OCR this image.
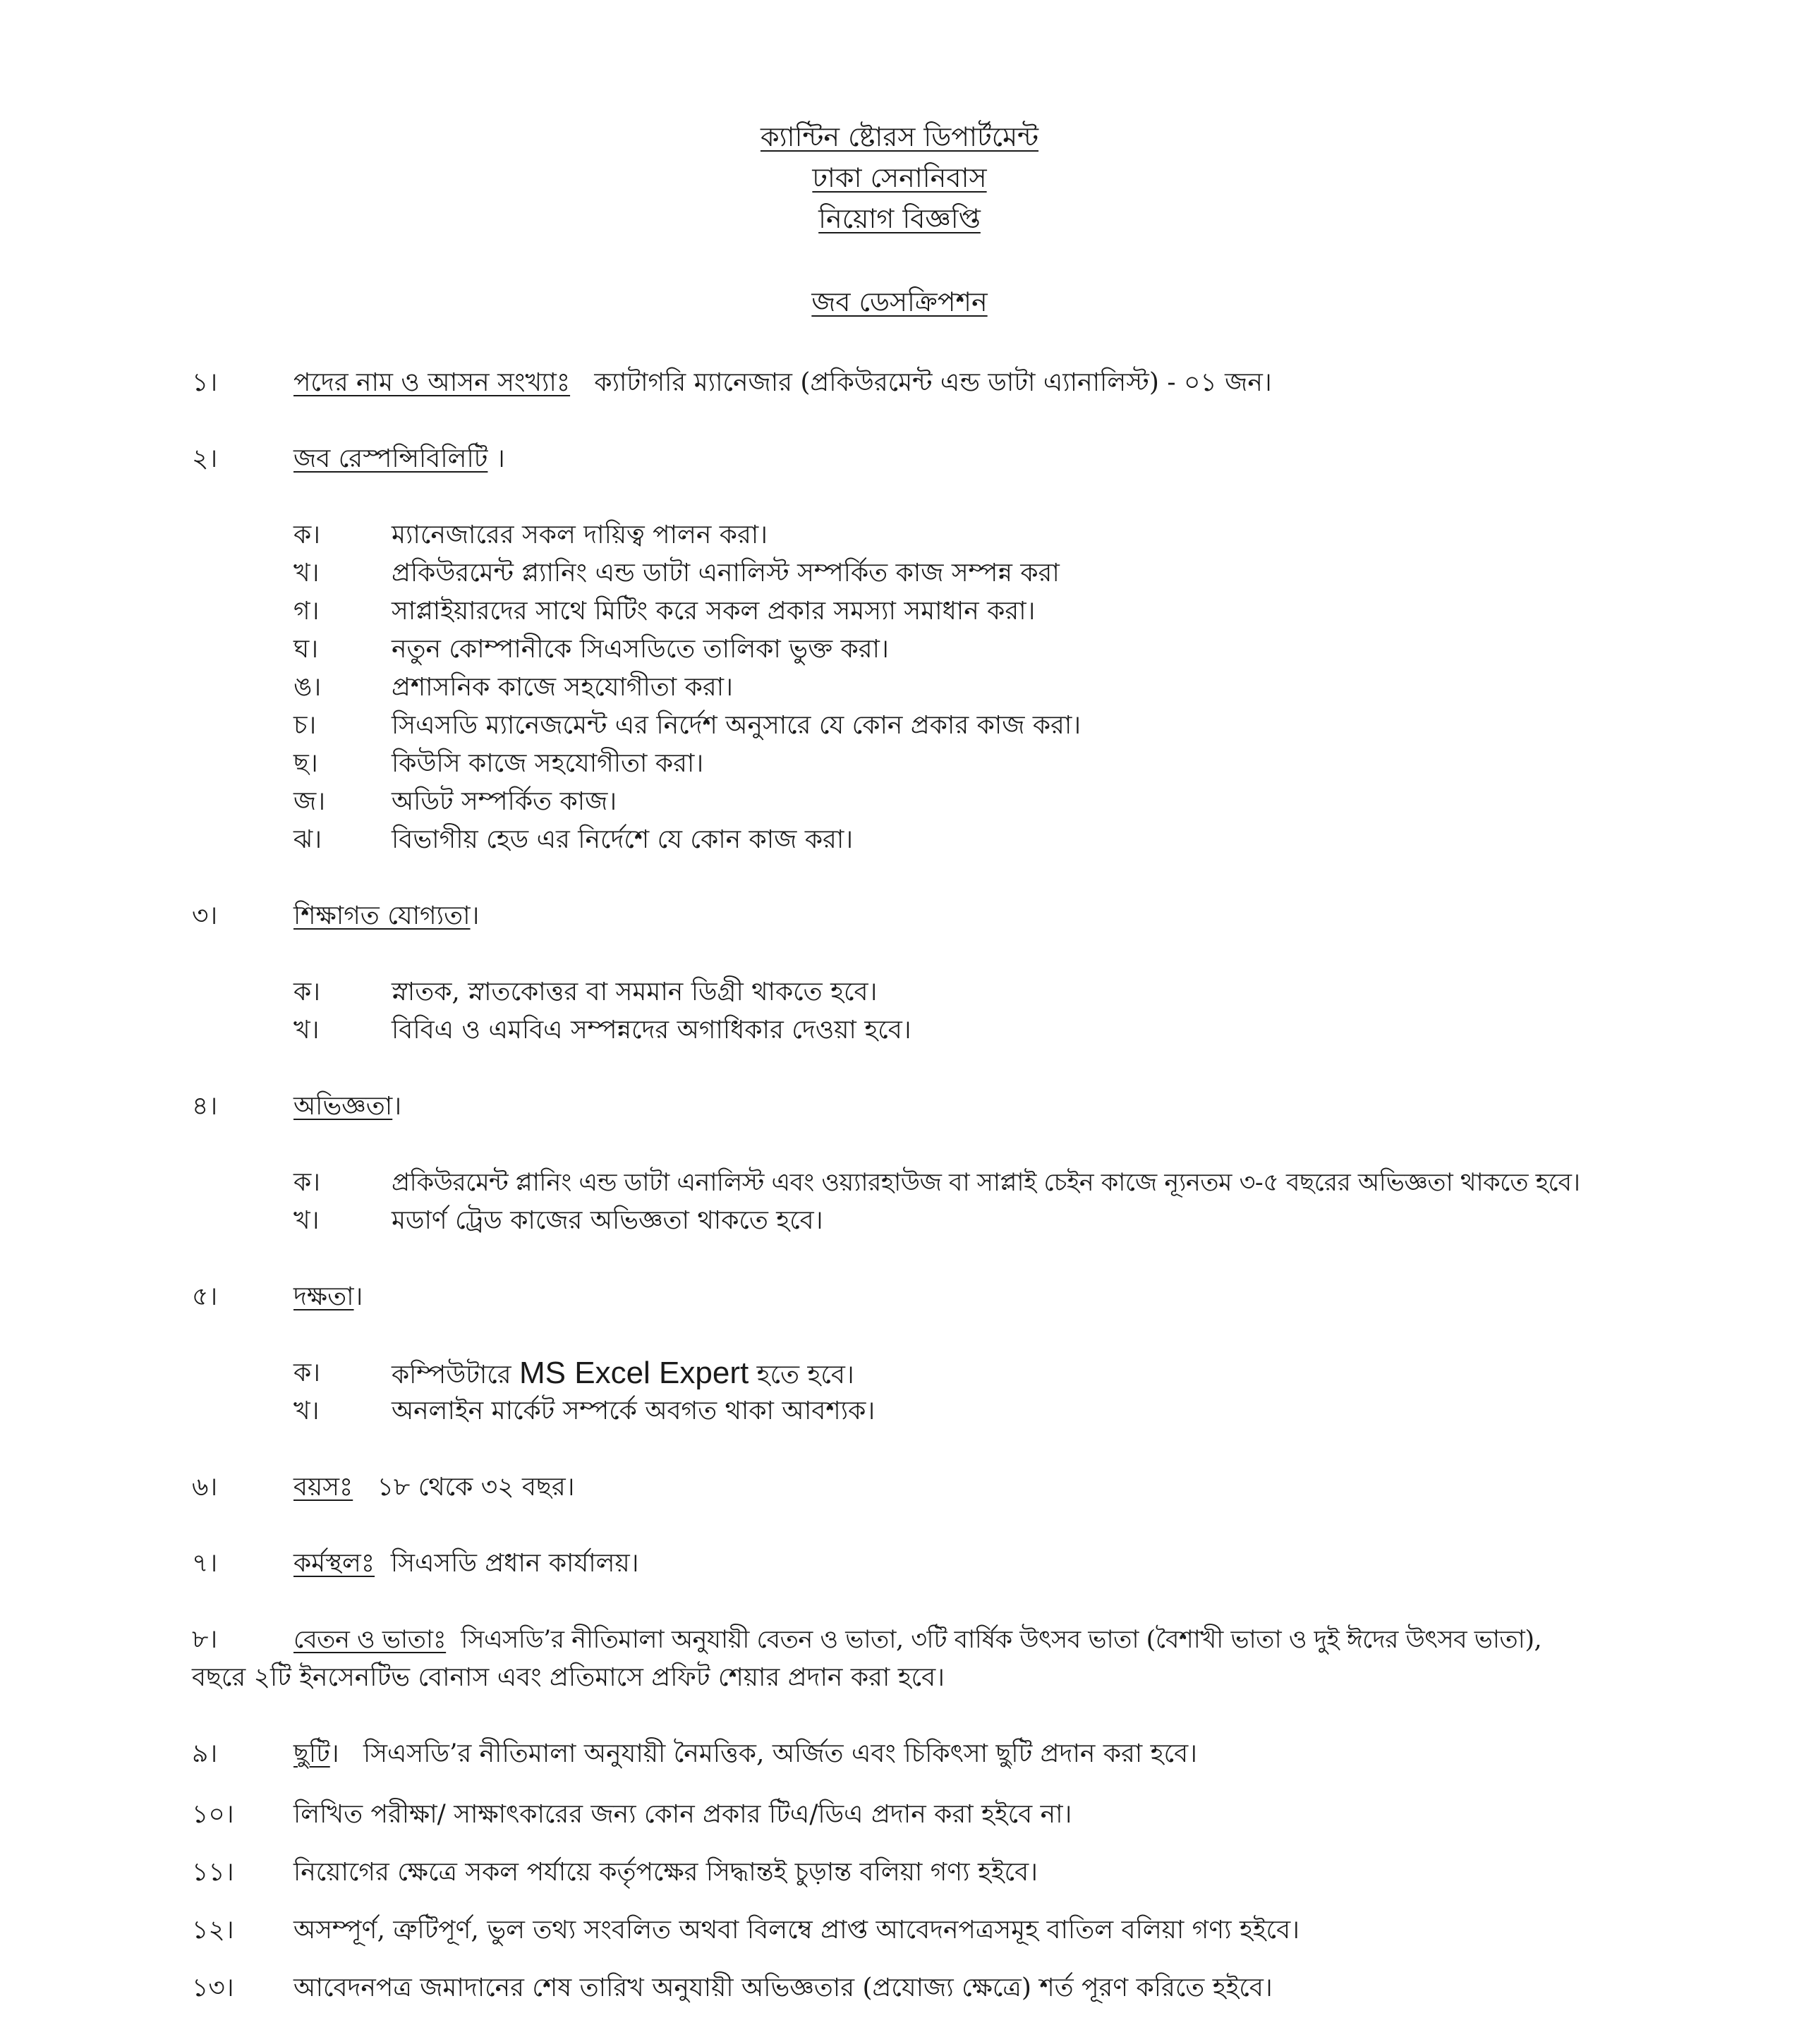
ক্যান্টিন ষ্টোরস ডিপার্টমেন্ট
ঢাকা সেনানিবাস
নিয়োগ বিজ্ঞপ্তি
জব ডেসক্রিপশন
১।	পদের নাম ও আসন সংখ্যাঃ ক্যাটাগরি ম্যানেজার (প্রকিউরমেন্ট এন্ড ডাটা এ্যানালিস্ট) - ০১ জন।
২।	জব রেস্পন্সিবিলিটি ।
ক।	ম্যানেজারের সকল দায়িত্ব পালন করা।
খ।	প্রকিউরমেন্ট প্ল্যানিং এন্ড ডাটা এনালিস্ট সম্পর্কিত কাজ সম্পন্ন করা
গ।	সাপ্লাইয়ারদের সাথে মিটিং করে সকল প্রকার সমস্যা সমাধান করা।
ঘ।	নতুন কোম্পানীকে সিএসডিতে তালিকা ভুক্ত করা।
ঙ।	প্রশাসনিক কাজে সহযোগীতা করা।
চ।	সিএসডি ম্যানেজমেন্ট এর নির্দেশ অনুসারে যে কোন প্রকার কাজ করা।
ছ।	কিউসি কাজে সহযোগীতা করা।
জ।	অডিট সম্পর্কিত কাজ।
ঝ।	বিভাগীয় হেড এর নির্দেশে যে কোন কাজ করা।
৩।	শিক্ষাগত যোগ্যতা।
ক।	স্নাতক, স্নাতকোত্তর বা সমমান ডিগ্রী থাকতে হবে।
খ।	বিবিএ ও এমবিএ সম্পন্নদের অগাধিকার দেওয়া হবে।
৪।	অভিজ্ঞতা।
ক।	প্রকিউরমেন্ট প্লানিং এন্ড ডাটা এনালিস্ট এবং ওয়্যারহাউজ বা সাপ্লাই চেইন কাজে ন্যূনতম ৩-৫ বছরের অভিজ্ঞতা থাকতে হবে।
খ।	মডার্ণ ট্রেড কাজের অভিজ্ঞতা থাকতে হবে।
৫।	দক্ষতা।
ক।	কম্পিউটারে MS Excel Expert হতে হবে।
খ।	অনলাইন মার্কেট সম্পর্কে অবগত থাকা আবশ্যক।
৬।	বয়সঃ ১৮ থেকে ৩২ বছর।
৭।	কর্মস্থলঃ সিএসডি প্রধান কার্যালয়।
৮।	বেতন ও ভাতাঃ সিএসডি’র নীতিমালা অনুযায়ী বেতন ও ভাতা, ৩টি বার্ষিক উৎসব ভাতা (বৈশাখী ভাতা ও দুই ঈদের উৎসব ভাতা),
বছরে ২টি ইনসেনটিভ বোনাস এবং প্রতিমাসে প্রফিট শেয়ার প্রদান করা হবে।
৯।	ছুটি। সিএসডি’র নীতিমালা অনুযায়ী নৈমত্তিক, অর্জিত এবং চিকিৎসা ছুটি প্রদান করা হবে।
১০। লিখিত পরীক্ষা/ সাক্ষাৎকারের জন্য কোন প্রকার টিএ/ডিএ প্রদান করা হইবে না।
১১। নিয়োগের ক্ষেত্রে সকল পর্যায়ে কর্তৃপক্ষের সিদ্ধান্তই চুড়ান্ত বলিয়া গণ্য হইবে।
১২। অসম্পূর্ণ, ত্রুটিপূর্ণ, ভুল তথ্য সংবলিত অথবা বিলম্বে প্রাপ্ত আবেদনপত্রসমূহ বাতিল বলিয়া গণ্য হইবে।
১৩। আবেদনপত্র জমাদানের শেষ তারিখ অনুযায়ী অভিজ্ঞতার (প্রযোজ্য ক্ষেত্রে) শর্ত পূরণ করিতে হইবে।
